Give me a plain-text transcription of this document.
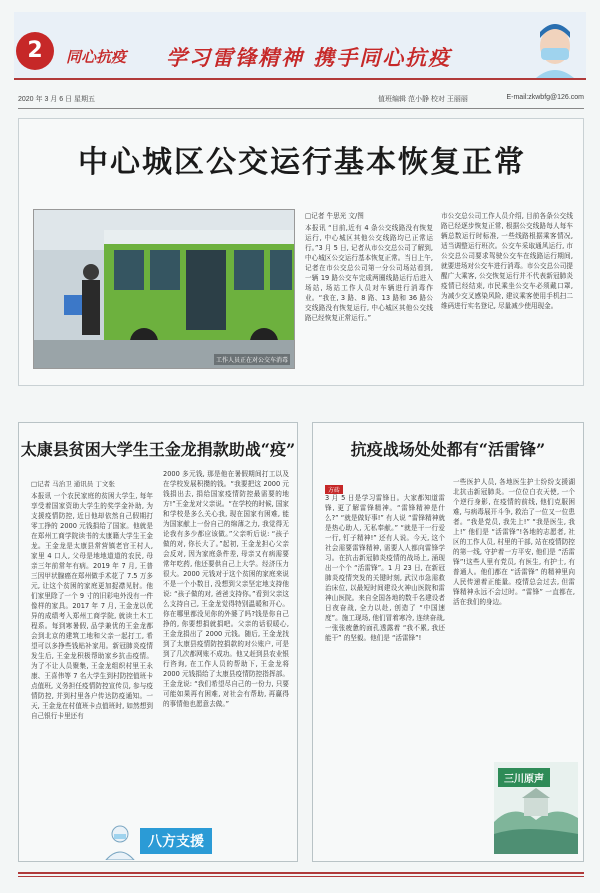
2	同心抗疫 学习雷锋精神 携手同心抗疫
2020 年 3 月 6 日 星期五	值班编辑 范小静 校对 王丽丽	E-mail:zkwbfg@126.com
中心城区公交运行基本恢复正常
工作人员正在对公交车消毒
□记者 牛思光 文/图
本报讯 “目前,近有 4 条公交线路没有恢复运行, 中心城区其他公交线路均已正常运行。”3 月 5 日, 记者从市公交总公司了解到, 中心城区公交运行基本恢复正常。当日上午, 记者在市公交总公司第一分公司场站看到, 一辆 19 路公交车完成两圈线路运行后进入场站, 场站工作人员对车辆进行消毒作业。“我在, 3 路、8 路、13 路和 36 路公交线路没有恢复运行, 中心城区其他公交线路已经恢复正常运行。”
市公交总公司工作人员介绍, 目前各条公交线路已经逐步恢复正常, 根据公交线路每人每车辆总数运行时标准, 一些线路根据乘客情况, 适当调整运行班次。公交车采取通风运行, 市公交总公司要求驾驶公交车在线路运行期间, 就要进场对公交车进行消毒。市公交总公司提醒广大乘客, 公交恢复运行并不代表新冠肺炎疫情已经结束, 市民乘坐公交车必须戴口罩, 为减少交叉感染风险, 建议乘客使用手机扫二维码进行实名登记, 尽量减少使用现金。
太康县贫困大学生王金龙捐款助战“疫”
□记者 马治卫 通讯员 丁文张
本报讯 一个农民家庭的贫困大学生, 每年享受着国家资助大学生的奖学金补助, 为支援疫情防控, 近日他却依然自己假期打零工挣的 2000 元钱捐给了国家。他就是在郑州工商学院读书的太康籍大学生王金龙。王金龙是太康县常营镇老官王村人, 家里 4 口人, 父母是地地道道的农民, 母亲三年前常年有病。2019 年 7 月, 王普三因甲状腺癌在郑州做手术花了 7.5 万多元, 让这个贫困的家庭更加捉襟见肘。他们家里除了一个 9 寸的旧彩电外没有一件像样的家具。2017 年 7 月, 王金龙以优异的成绩考入郑州工商学院, 就读土木工程系。每到寒暑假, 品学兼优的王金龙都会到北京的建筑工地和父亲一起打工, 希望可以多挣些钱贴补家用。新冠肺炎疫情发生后, 王金龙积极帮助家乡抗击疫情。为了不让人员聚集, 王金龙组织村里王永康、王喜伟等 7 名大学生到村防控值班卡点值班, 义务担任疫情防控宣传员, 参与疫情防控, 并到村里各户传达防疫通知。一天, 王金龙在村值班卡点值班时, 如然想到自己银行卡里还有
2000 多元钱, 那是他在暑假期间打工以及在学校发展积攒的钱。“我要把这 2000 元钱捐出去, 捐给国家疫情防控最需要的地方!”王金龙对父亲说。“在学校的时候, 国家和学校是多么关心我, 现在国家有困难, 能为国家献上一份自己的绵薄之力, 我觉得无论我有多少都应该做。”父亲听后说: “孩子做的对, 你长大了。”起初, 王金龙担心父亲会反对, 因为家庭条件差, 母亲又有病需要常年吃药, 他还要供自己上大学。经济压力很大。2000 元钱对于这个贫困的家庭来说不是一个小数目, 没想到父亲坚定地支持他说: “孩子做的对, 爸爸支持你。”看到父亲这么支持自己, 王金龙觉得特别温暖和开心。你在哪里都没见你的外婆了吗?钱是你自己挣的, 你要想捐就捐吧。父亲的话很暖心, 王金龙捐出了 2000 元钱。随后, 王金龙找到了太康县疫情防控捐款的对公账户, 可是到了几次都网账不成功。他又赶到县农业银行咨询, 在工作人员的帮助下, 王金龙将 2000 元钱捐给了太康县疫情防控指挥部。王金龙说: “我们希望尽自己的一份力, 只要可能如果再有困难, 对社会有帮助, 再赢得的事情他也愿意去做。”
抗疫战场处处都有“活雷锋”
方砖
3 月 5 日是学习雷锋日。大家都知道雷锋, 更了解雷锋精神。“雷锋精神是什么?” “就是做好事!” 有人说 “雷锋精神就是热心助人, 无私奉献。” “就是干一行爱一行, 钉子精神!” 还有人说。今天, 这个社会需要雷锋精神, 需要人人都向雷锋学习。在抗击新冠肺炎疫情的战场上, 涌现出一个个 “活雷锋”。1 月 23 日, 在新冠肺炎疫情突发的关键时刻, 武汉市急需救治床位, 以最短时间建设火神山医院和雷神山医院。来自全国各地的数千名建设者日夜奋战, 全力以赴, 创造了 “中国速度”。施工现场, 他们冒着寒冷, 连续奋战, 一张张疲惫的面孔透露着 “我不累, 我还能干” 的坚毅。他们是 “活雷锋”!
一些医护人员, 各地医生护士纷纷支援湖北抗击新冠肺炎。一位位白衣天使, 一个个逆行身影, 在疫情的前线, 他们克服困难, 与病毒展开斗争, 救治了一位又一位患者。“我是党员, 我先上!” “我是医生, 我上!” 他们是 “活雷锋”!各地的志愿者, 社区的工作人员, 村里的干部, 站在疫情防控的第一线, 守护着一方平安, 他们是 “活雷锋”!这些人里有党员, 有医生, 有护士, 有普通人。他们都在 “活雷锋” 的精神里向人民传递着正能量。疫情总会过去, 但雷锋精神永远不会过时。“雷锋” 一直都在, 活在我们的身边。
八方支援
三川原声
